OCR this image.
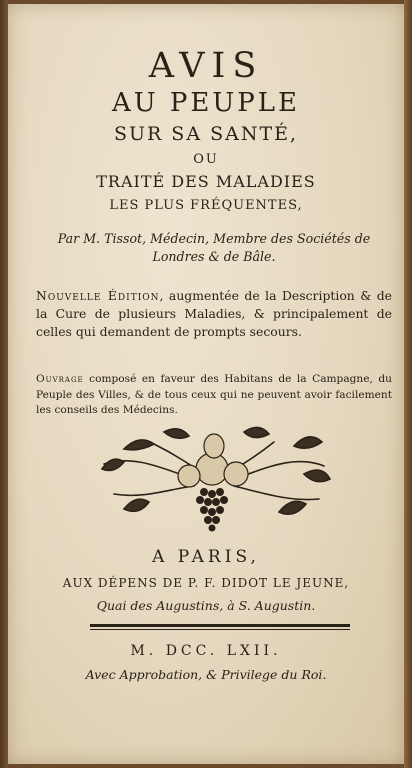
AVIS
AU PEUPLE
SUR SA SANTÉ,
OU
TRAITÉ DES MALADIES
LES PLUS FRÉQUENTES,
Par M. Tissot, Médecin, Membre des Sociétés de Londres & de Bâle.
Nouvelle Édition, augmentée de la Description & de la Cure de plusieurs Maladies, & principalement de celles qui demandent de prompts secours.
Ouvrage composé en faveur des Habitans de la Campagne, du Peuple des Villes, & de tous ceux qui ne peuvent avoir facilement les conseils des Médecins.
A PARIS,
AUX DÉPENS DE P. F. DIDOT LE JEUNE,
Quai des Augustins, à S. Augustin.
M. DCC. LXII.
Avec Approbation, & Privilege du Roi.
